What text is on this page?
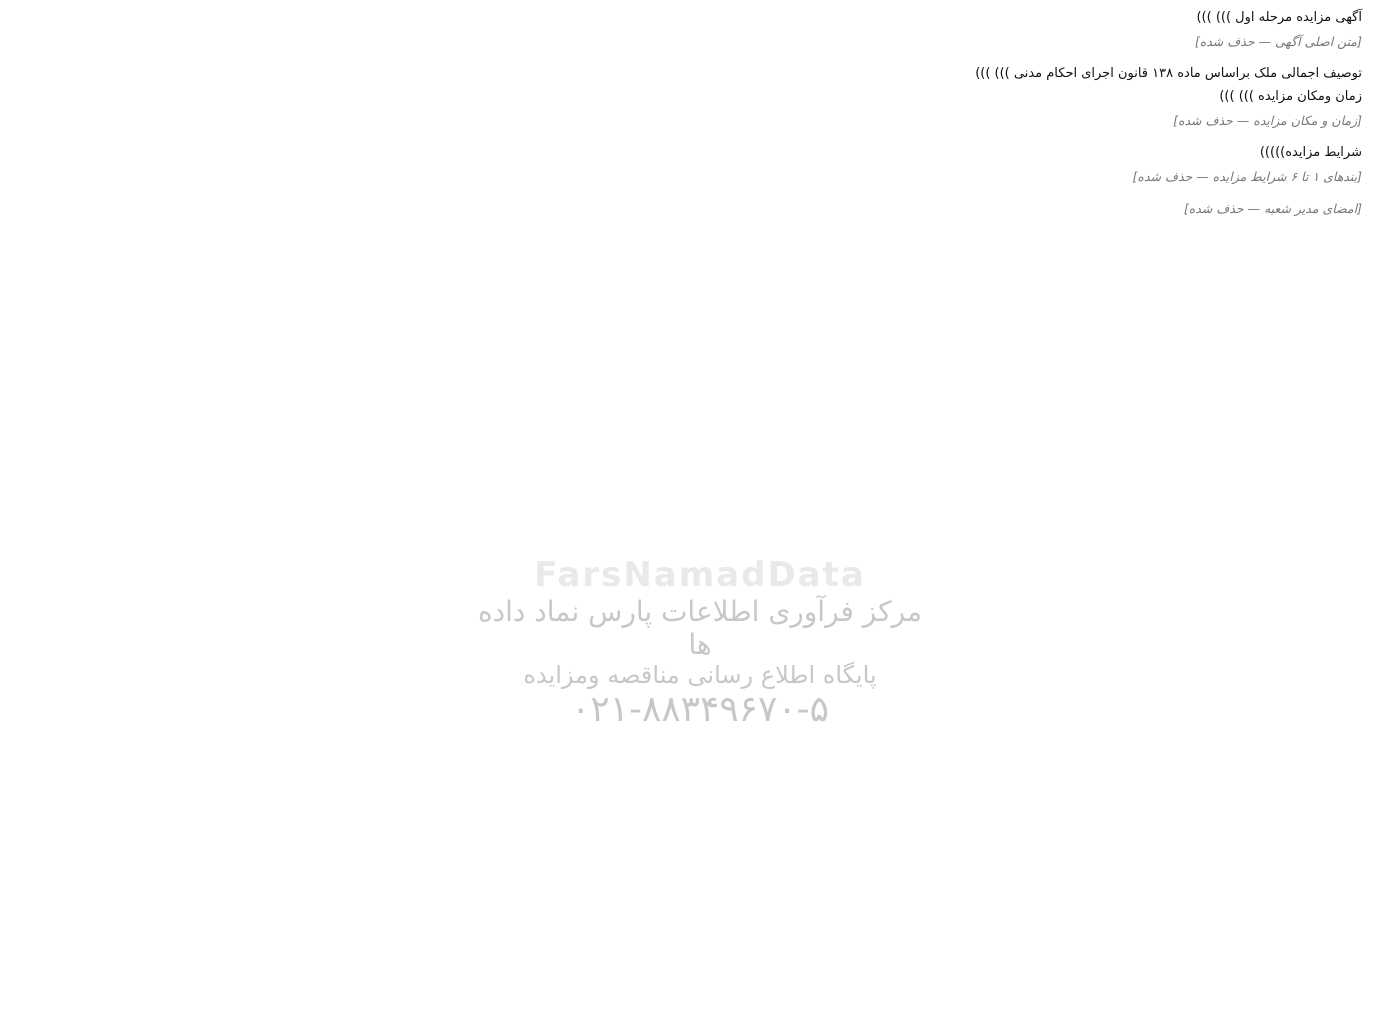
آگهی مزایده مرحله اول ))) )))
[متن اصلی آگهی — حذف شده]
توصیف اجمالی ملک براساس ماده ۱۳۸ قانون اجرای احکام مدنی ))) )))
زمان ومکان مزایده ))) )))
[زمان و مکان مزایده — حذف شده]
شرایط مزایده)))))
[بندهای ۱ تا ۶ شرایط مزایده — حذف شده]
[امضای مدیر شعبه — حذف شده]
FarsNamadData
مرکز فرآوری اطلاعات پارس نماد داده ها
پایگاه اطلاع رسانی مناقصه ومزایده
۰۲۱-۸۸۳۴۹۶۷۰-۵
